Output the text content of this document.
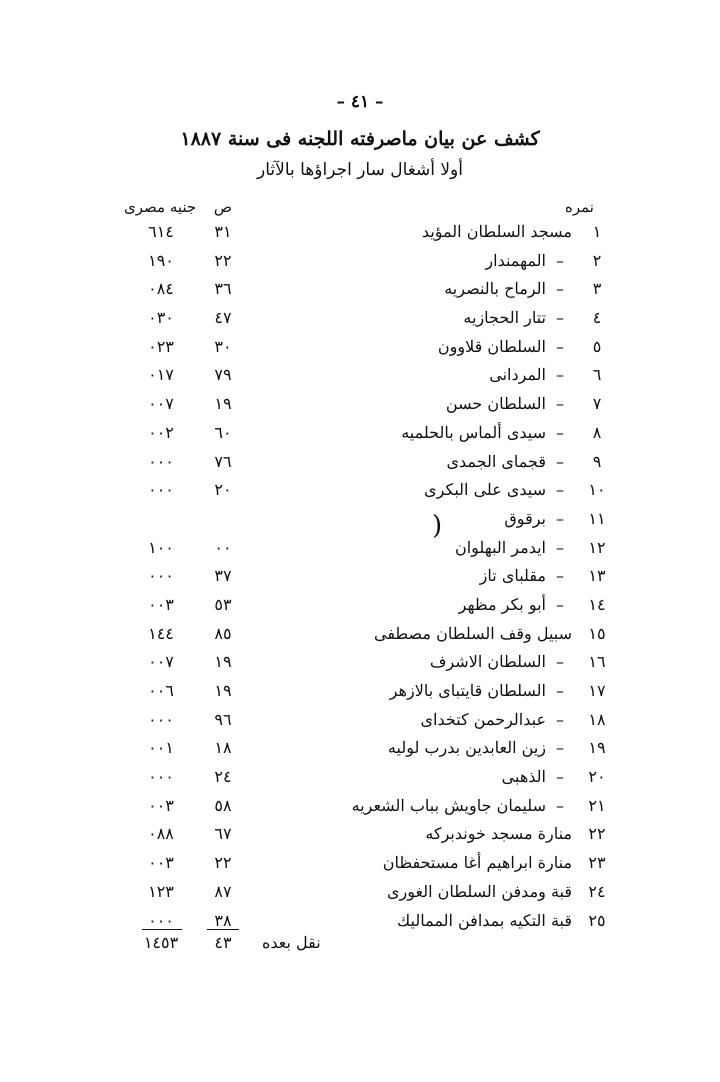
– ٤١ –
كشف عن بيان ماصرفته اللجنه فى سنة ١٨٨٧
أولا أشغال سار اجراؤها بالآثار
نمره
ص
جنيه مصرى
١
مسجد السلطان المؤيد
٣١
٦١٤
٢
–
المهمندار
٢٢
١٩٠
٣
–
الرماح بالنصريه
٣٦
٠٨٤
٤
–
تتار الحجازيه
٤٧
٠٣٠
٥
–
السلطان قلاوون
٣٠
٠٢٣
٦
–
المردانى
٧٩
٠١٧
٧
–
السلطان حسن
١٩
٠٠٧
٨
–
سيدى ألماس بالحلميه
٦٠
٠٠٢
٩
–
قجماى الجمدى
٧٦
٠٠٠
١٠
–
سيدى على البكرى
٢٠
٠٠٠
١١
–
برقوق
١٢
–
ايدمر البهلوان
٠٠
١٠٠
١٣
–
مقلباى تاز
٣٧
٠٠٠
١٤
–
أبو بكر مظهر
٥٣
٠٠٣
١٥
سبيل وقف السلطان مصطفى
٨٥
١٤٤
١٦
–
السلطان الاشرف
١٩
٠٠٧
١٧
–
السلطان قايتباى بالازهر
١٩
٠٠٦
١٨
–
عبدالرحمن كتخداى
٩٦
٠٠٠
١٩
–
زين العابدين بدرب لوليه
١٨
٠٠١
٢٠
–
الذهبى
٢٤
٠٠٠
٢١
–
سليمان جاويش بباب الشعريه
٥٨
٠٠٣
٢٢
منارة مسجد خوندبركه
٦٧
٠٨٨
٢٣
منارة ابراهيم أغا مستحفظان
٢٢
٠٠٣
٢٤
قبة ومدفن السلطان الغورى
٨٧
١٢٣
٢٥
قبة التكيه بمدافن المماليك
٣٨
٠٠٠
)
نقل بعده
٤٣
١٤٥٣
